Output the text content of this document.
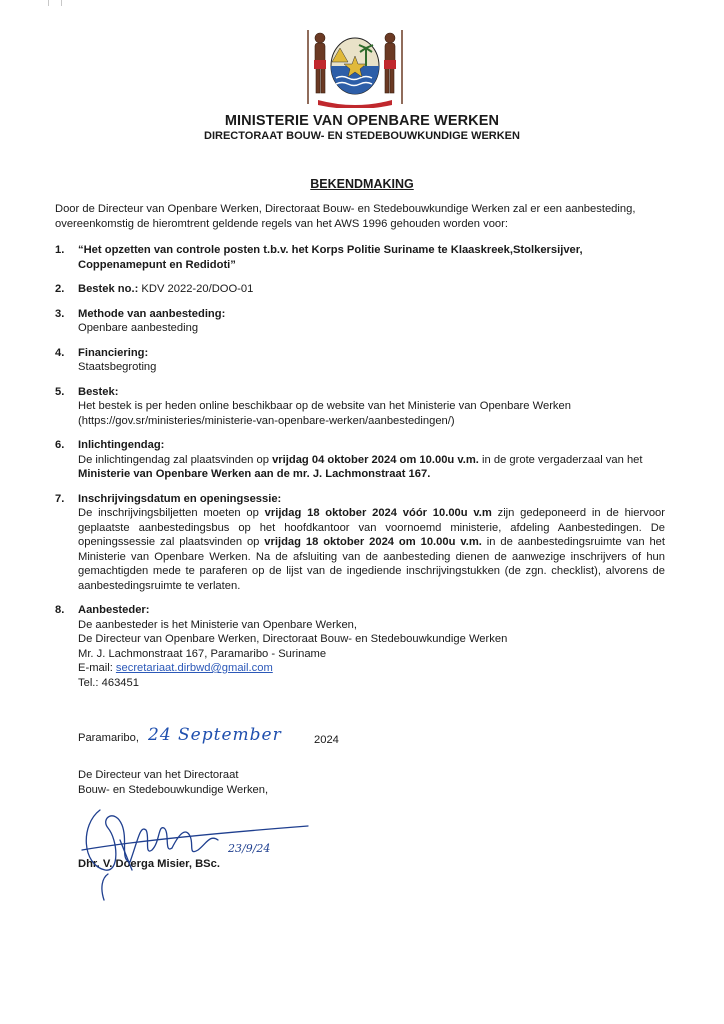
MINISTERIE VAN OPENBARE WERKEN
DIRECTORAAT BOUW- EN STEDEBOUWKUNDIGE WERKEN
BEKENDMAKING
Door de Directeur van Openbare Werken, Directoraat Bouw- en Stedebouwkundige Werken zal er een aanbesteding, overeenkomstig de hieromtrent geldende regels van het AWS 1996 gehouden worden voor:
1. “Het opzetten van controle posten t.b.v. het Korps Politie Suriname te Klaaskreek,Stolkersijver, Coppenamepunt en Redidoti”
2. Bestek no.: KDV 2022-20/DOO-01
3. Methode van aanbesteding:
Openbare aanbesteding
4. Financiering:
Staatsbegroting
5. Bestek:
Het bestek is per heden online beschikbaar op de website van het Ministerie van Openbare Werken
(https://gov.sr/ministeries/ministerie-van-openbare-werken/aanbestedingen/)
6. Inlichtingendag:
De inlichtingendag zal plaatsvinden op vrijdag 04 oktober 2024 om 10.00u v.m. in de grote vergaderzaal van het Ministerie van Openbare Werken aan de mr. J. Lachmonstraat 167.
7. Inschrijvingsdatum en openingsessie:
De inschrijvingsbiljetten moeten op vrijdag 18 oktober 2024 vóór 10.00u v.m zijn gedeponeerd in de hiervoor geplaatste aanbestedingsbus op het hoofdkantoor van voornoemd ministerie, afdeling Aanbestedingen. De openingssessie zal plaatsvinden op vrijdag 18 oktober 2024 om 10.00u v.m. in de aanbestedingsruimte van het Ministerie van Openbare Werken. Na de afsluiting van de aanbesteding dienen de aanwezige inschrijvers of hun gemachtigden mede te paraferen op de lijst van de ingediende inschrijvingstukken (de zgn. checklist), alvorens de aanbestedingsruimte te verlaten.
8. Aanbesteder:
De aanbesteder is het Ministerie van Openbare Werken,
De Directeur van Openbare Werken, Directoraat Bouw- en Stedebouwkundige Werken
Mr. J. Lachmonstraat 167, Paramaribo - Suriname
E-mail: secretariaat.dirbwd@gmail.com
Tel.: 463451
Paramaribo, 24 September	2024
De Directeur van het Directoraat
Bouw- en Stedebouwkundige Werken,
Dhr. V. Doerga Misier, BSc.
23/9/24
